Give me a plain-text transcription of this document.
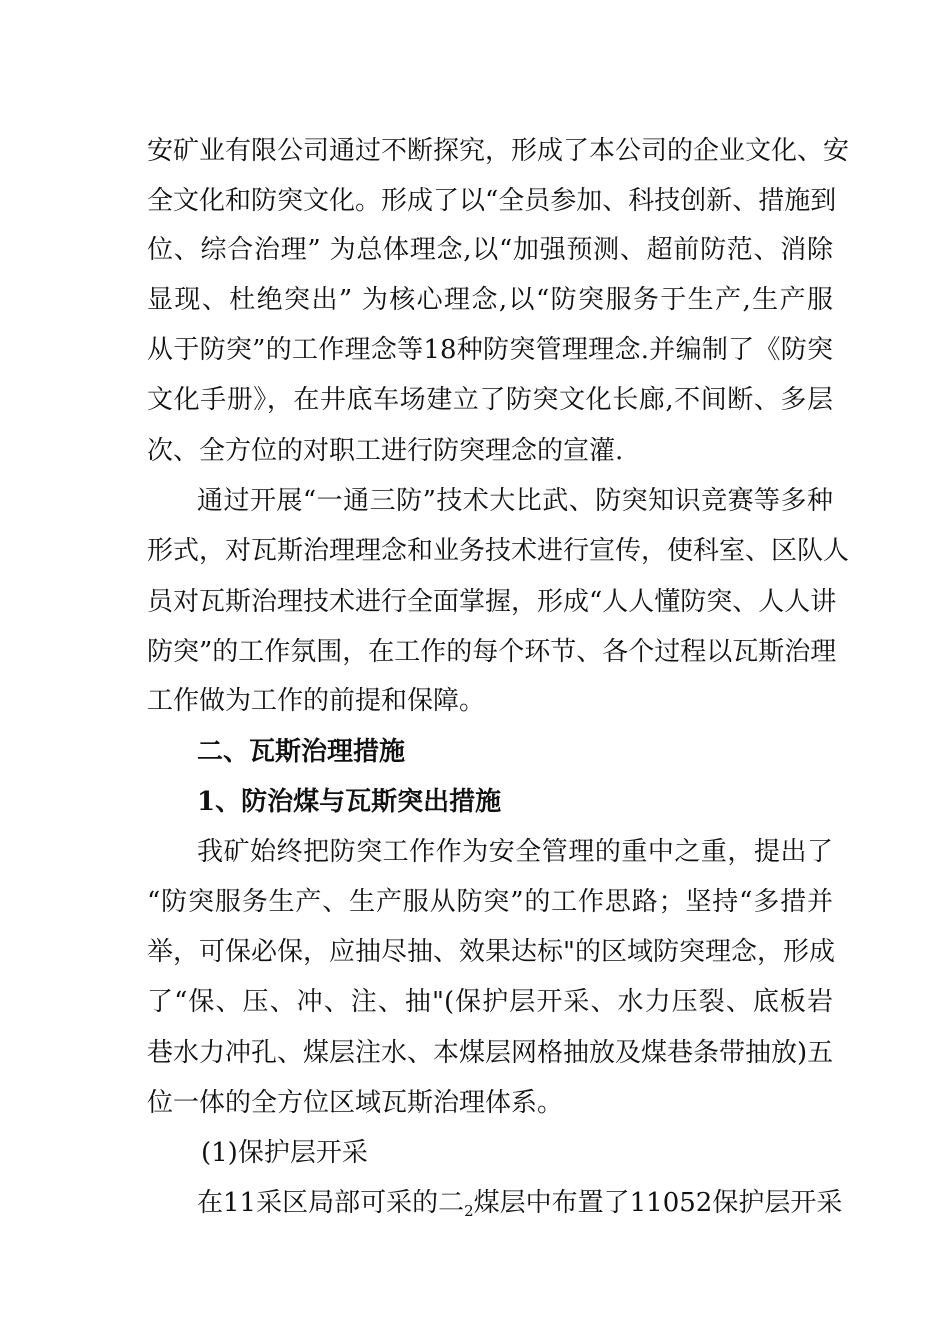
安矿业有限公司通过不断探究，形成了本公司的企业文化、安
全文化和防突文化。形成了以“全员参加、科技创新、措施到
位、综合治理” 为总体理念,以“加强预测、超前防范、消除
显现、杜绝突出” 为核心理念,以“防突服务于生产,生产服
从于防突”的工作理念等18种防突管理理念.并编制了《防突
文化手册》，在井底车场建立了防突文化长廊,不间断、多层
次、全方位的对职工进行防突理念的宣灌.
通过开展“一通三防”技术大比武、防突知识竞赛等多种
形式，对瓦斯治理理念和业务技术进行宣传，使科室、区队人
员对瓦斯治理技术进行全面掌握，形成“人人懂防突、人人讲
防突”的工作氛围，在工作的每个环节、各个过程以瓦斯治理
工作做为工作的前提和保障。
二、瓦斯治理措施
1、防治煤与瓦斯突出措施
我矿始终把防突工作作为安全管理的重中之重，提出了
“防突服务生产、生产服从防突”的工作思路；坚持“多措并
举，可保必保，应抽尽抽、效果达标"的区域防突理念，形成
了“保、压、冲、注、抽"(保护层开采、水力压裂、底板岩
巷水力冲孔、煤层注水、本煤层网格抽放及煤巷条带抽放)五
位一体的全方位区域瓦斯治理体系。
(1)保护层开采
在11采区局部可采的二$_2$煤层中布置了11052保护层开采
